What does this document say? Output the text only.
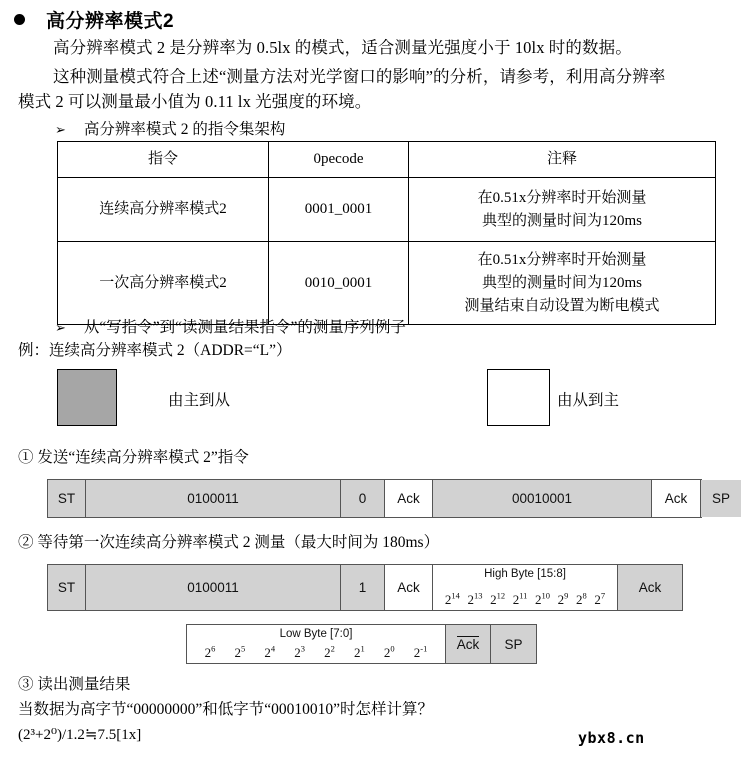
高分辨率模式2
高分辨率模式 2 是分辨率为 0.5lx 的模式，适合测量光强度小于 10lx 时的数据。
这种测量模式符合上述“测量方法对光学窗口的影响”的分析，请参考，利用高分辨率
模式 2 可以测量最小值为 0.11 lx 光强度的环境。
➢ 高分辨率模式 2 的指令集架构
指令	0pecode	注释
连续高分辨率模式2	0001_0001	在0.51x分辨率时开始测量
典型的测量时间为120ms

一次高分辨率模式2	0010_0001	在0.51x分辨率时开始测量
典型的测量时间为120ms
测量结束自动设置为断电模式
➢ 从“写指令”到“读测量结果指令”的测量序列例子
例：连续高分辨率模式 2（ADDR=“L”）
由主到从	由从到主
① 发送“连续高分辨率模式 2”指令
ST	0100011	0 Ack	00010001	Ack SP
② 等待第一次连续高分辨率模式 2 测量（最大时间为 180ms）
ST	0100011	1 Ack
High Byte [15:8]
$2^{14}$ $2^{13}$ $2^{12}$ $2^{11}$ $2^{10}$ $2^9$ $2^8$ $2^7$
Ack
Low Byte [7:0]
$2^6$ $2^5$ $2^4$ $2^3$ $2^2$ $2^1$ $2^0$ $2^{-1}$ Ack SP
③ 读出测量结果
当数据为高字节“00000000”和低字节“00010010”时怎样计算？
(2³+2⁰)/1.2≒7.5[1x]	ybx8.cn
